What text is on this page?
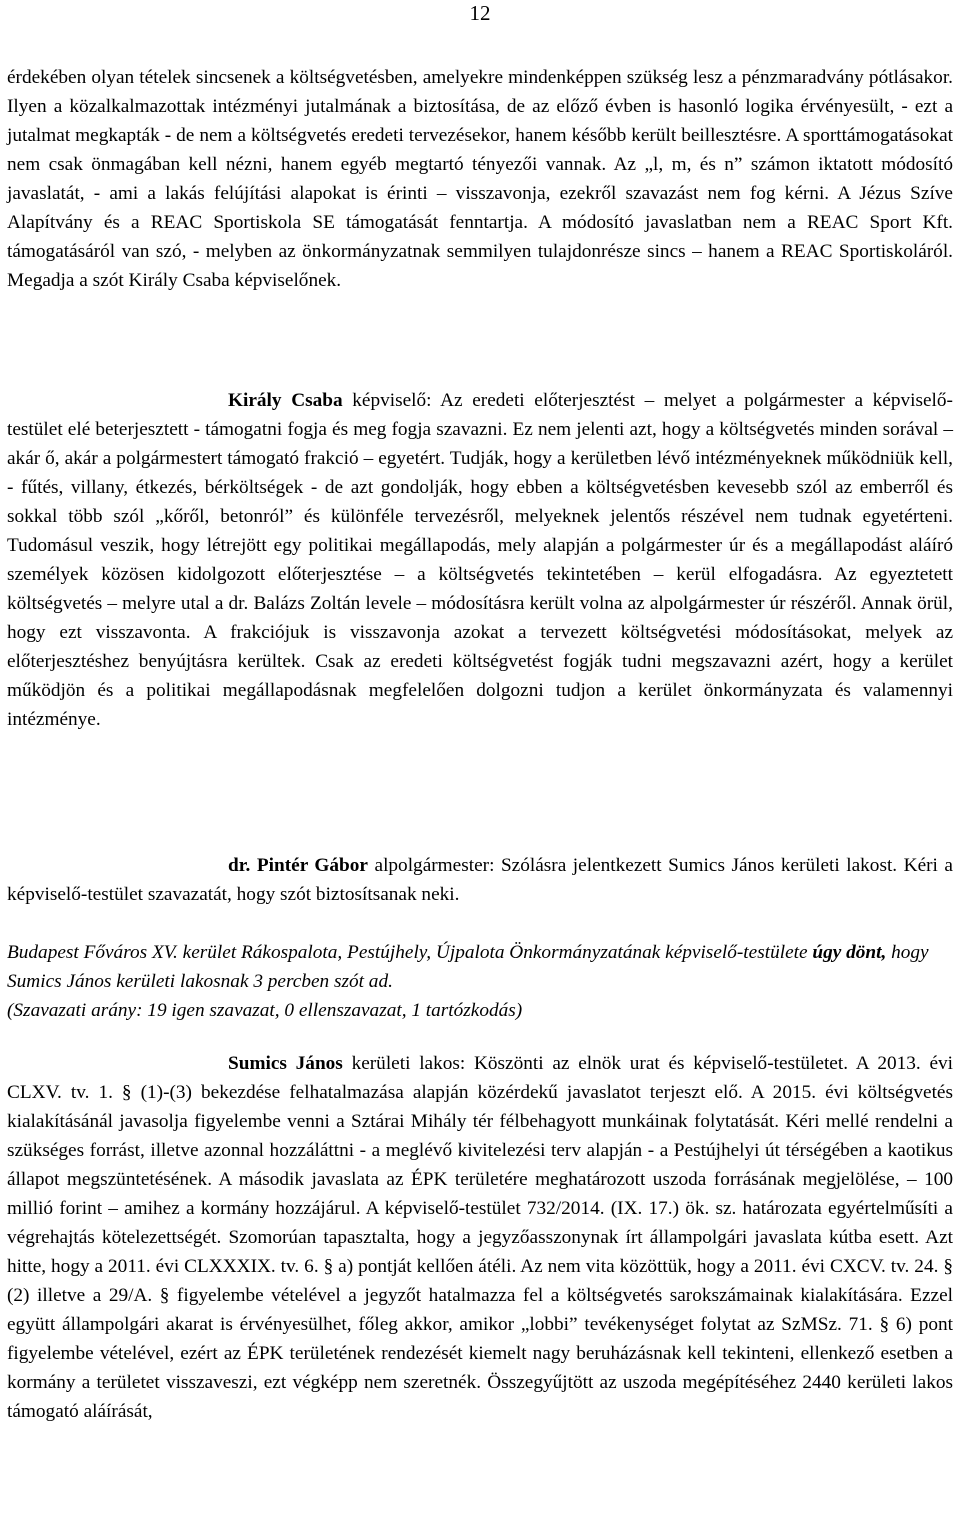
12
érdekében olyan tételek sincsenek a költségvetésben, amelyekre mindenképpen szükség lesz a pénzmaradvány pótlásakor. Ilyen a közalkalmazottak intézményi jutalmának a biztosítása, de az előző évben is hasonló logika érvényesült, - ezt a jutalmat megkapták - de nem a költségvetés eredeti tervezésekor, hanem később került beillesztésre. A sporttámogatásokat nem csak önmagában kell nézni, hanem egyéb megtartó tényezői vannak. Az „l, m, és n” számon iktatott módosító javaslatát, - ami a lakás felújítási alapokat is érinti – visszavonja, ezekről szavazást nem fog kérni. A Jézus Szíve Alapítvány és a REAC Sportiskola SE támogatását fenntartja. A módosító javaslatban nem a REAC Sport Kft. támogatásáról van szó, - melyben az önkormányzatnak semmilyen tulajdonrésze sincs – hanem a REAC Sportiskoláról. Megadja a szót Király Csaba képviselőnek.
Király Csaba képviselő: Az eredeti előterjesztést – melyet a polgármester a képviselő-testület elé beterjesztett - támogatni fogja és meg fogja szavazni. Ez nem jelenti azt, hogy a költségvetés minden sorával – akár ő, akár a polgármestert támogató frakció – egyetért. Tudják, hogy a kerületben lévő intézményeknek működniük kell, - fűtés, villany, étkezés, bérköltségek - de azt gondolják, hogy ebben a költségvetésben kevesebb szól az emberről és sokkal több szól „kőről, betonról” és különféle tervezésről, melyeknek jelentős részével nem tudnak egyetérteni. Tudomásul veszik, hogy létrejött egy politikai megállapodás, mely alapján a polgármester úr és a megállapodást aláíró személyek közösen kidolgozott előterjesztése – a költségvetés tekintetében – kerül elfogadásra. Az egyeztetett költségvetés – melyre utal a dr. Balázs Zoltán levele – módosításra került volna az alpolgármester úr részéről. Annak örül, hogy ezt visszavonta. A frakciójuk is visszavonja azokat a tervezett költségvetési módosításokat, melyek az előterjesztéshez benyújtásra kerültek. Csak az eredeti költségvetést fogják tudni megszavazni azért, hogy a kerület működjön és a politikai megállapodásnak megfelelően dolgozni tudjon a kerület önkormányzata és valamennyi intézménye.
dr. Pintér Gábor alpolgármester: Szólásra jelentkezett Sumics János kerületi lakost. Kéri a képviselő-testület szavazatát, hogy szót biztosítsanak neki.
Budapest Főváros XV. kerület Rákospalota, Pestújhely, Újpalota Önkormányzatának képviselő-testülete úgy dönt, hogy Sumics János kerületi lakosnak 3 percben szót ad.
(Szavazati arány: 19 igen szavazat, 0 ellenszavazat, 1 tartózkodás)
Sumics János kerületi lakos: Köszönti az elnök urat és képviselő-testületet. A 2013. évi CLXV. tv. 1. § (1)-(3) bekezdése felhatalmazása alapján közérdekű javaslatot terjeszt elő. A 2015. évi költségvetés kialakításánál javasolja figyelembe venni a Sztárai Mihály tér félbehagyott munkáinak folytatását. Kéri mellé rendelni a szükséges forrást, illetve azonnal hozzáláttni - a meglévő kivitelezési terv alapján - a Pestújhelyi út térségében a kaotikus állapot megszüntetésének. A második javaslata az ÉPK területére meghatározott uszoda forrásának megjelölése, – 100 millió forint – amihez a kormány hozzájárul. A képviselő-testület 732/2014. (IX. 17.) ök. sz. határozata egyértelműsíti a végrehajtás kötelezettségét. Szomorúan tapasztalta, hogy a jegyzőasszonynak írt állampolgári javaslata kútba esett. Azt hitte, hogy a 2011. évi CLXXXIX. tv. 6. § a) pontját kellően átéli. Az nem vita közöttük, hogy a 2011. évi CXCV. tv. 24. § (2) illetve a 29/A. § figyelembe vételével a jegyzőt hatalmazza fel a költségvetés sarokszámainak kialakítására. Ezzel együtt állampolgári akarat is érvényesülhet, főleg akkor, amikor „lobbi” tevékenységet folytat az SzMSz. 71. § 6) pont figyelembe vételével, ezért az ÉPK területének rendezését kiemelt nagy beruházásnak kell tekinteni, ellenkező esetben a kormány a területet visszaveszi, ezt végképp nem szeretnék. Összegyűjtött az uszoda megépítéséhez 2440 kerületi lakos támogató aláírását,
